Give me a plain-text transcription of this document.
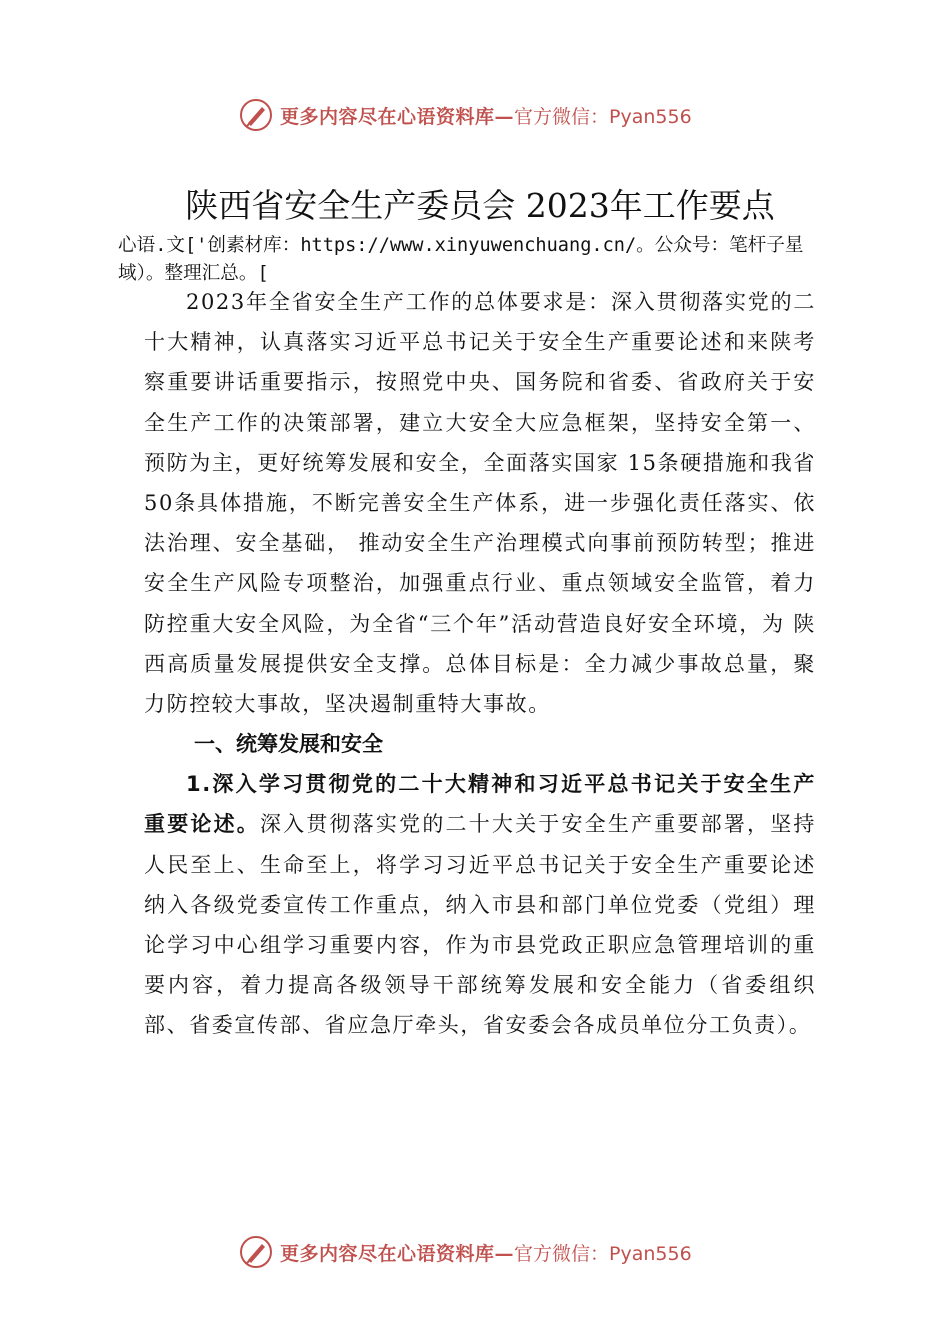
更多内容尽在心语资料库— 官方微信：Pyan556
陕西省安全生产委员会 2023年工作要点

心语.文['创素材库：https://www.xinyuwenchuang.cn/。公众号：笔杆子星域）。整理汇总。[

2023年全省安全生产工作的总体要求是：深入贯彻落实党的二十大精神，认真落实习近平总书记关于安全生产重要论述和来陕考察重要讲话重要指示，按照党中央、国务院和省委、省政府关于安全生产工作的决策部署，建立大安全大应急框架，坚持安全第一、预防为主，更好统筹发展和安全，全面落实国家 15条硬措施和我省 50条具体措施，不断完善安全生产体系，进一步强化责任落实、依法治理、安全基础， 推动安全生产治理模式向事前预防转型；推进安全生产风险专项整治，加强重点行业、重点领域安全监管，着力防控重大安全风险，为全省“三个年”活动营造良好安全环境，为 陕西高质量发展提供安全支撑。总体目标是：全力减少事故总量，聚力防控较大事故，坚决遏制重特大事故。

一、统筹发展和安全

1.深入学习贯彻党的二十大精神和习近平总书记关于安全生产重要论述。深入贯彻落实党的二十大关于安全生产重要部署，坚持人民至上、生命至上，将学习习近平总书记关于安全生产重要论述纳入各级党委宣传工作重点，纳入市县和部门单位党委（党组）理论学习中心组学习重要内容，作为市县党政正职应急管理培训的重要内容，着力提高各级领导干部统筹发展和安全能力（省委组织部、省委宣传部、省应急厅牵头，省安委会各成员单位分工负责）。

更多内容尽在心语资料库— 官方微信：Pyan556
